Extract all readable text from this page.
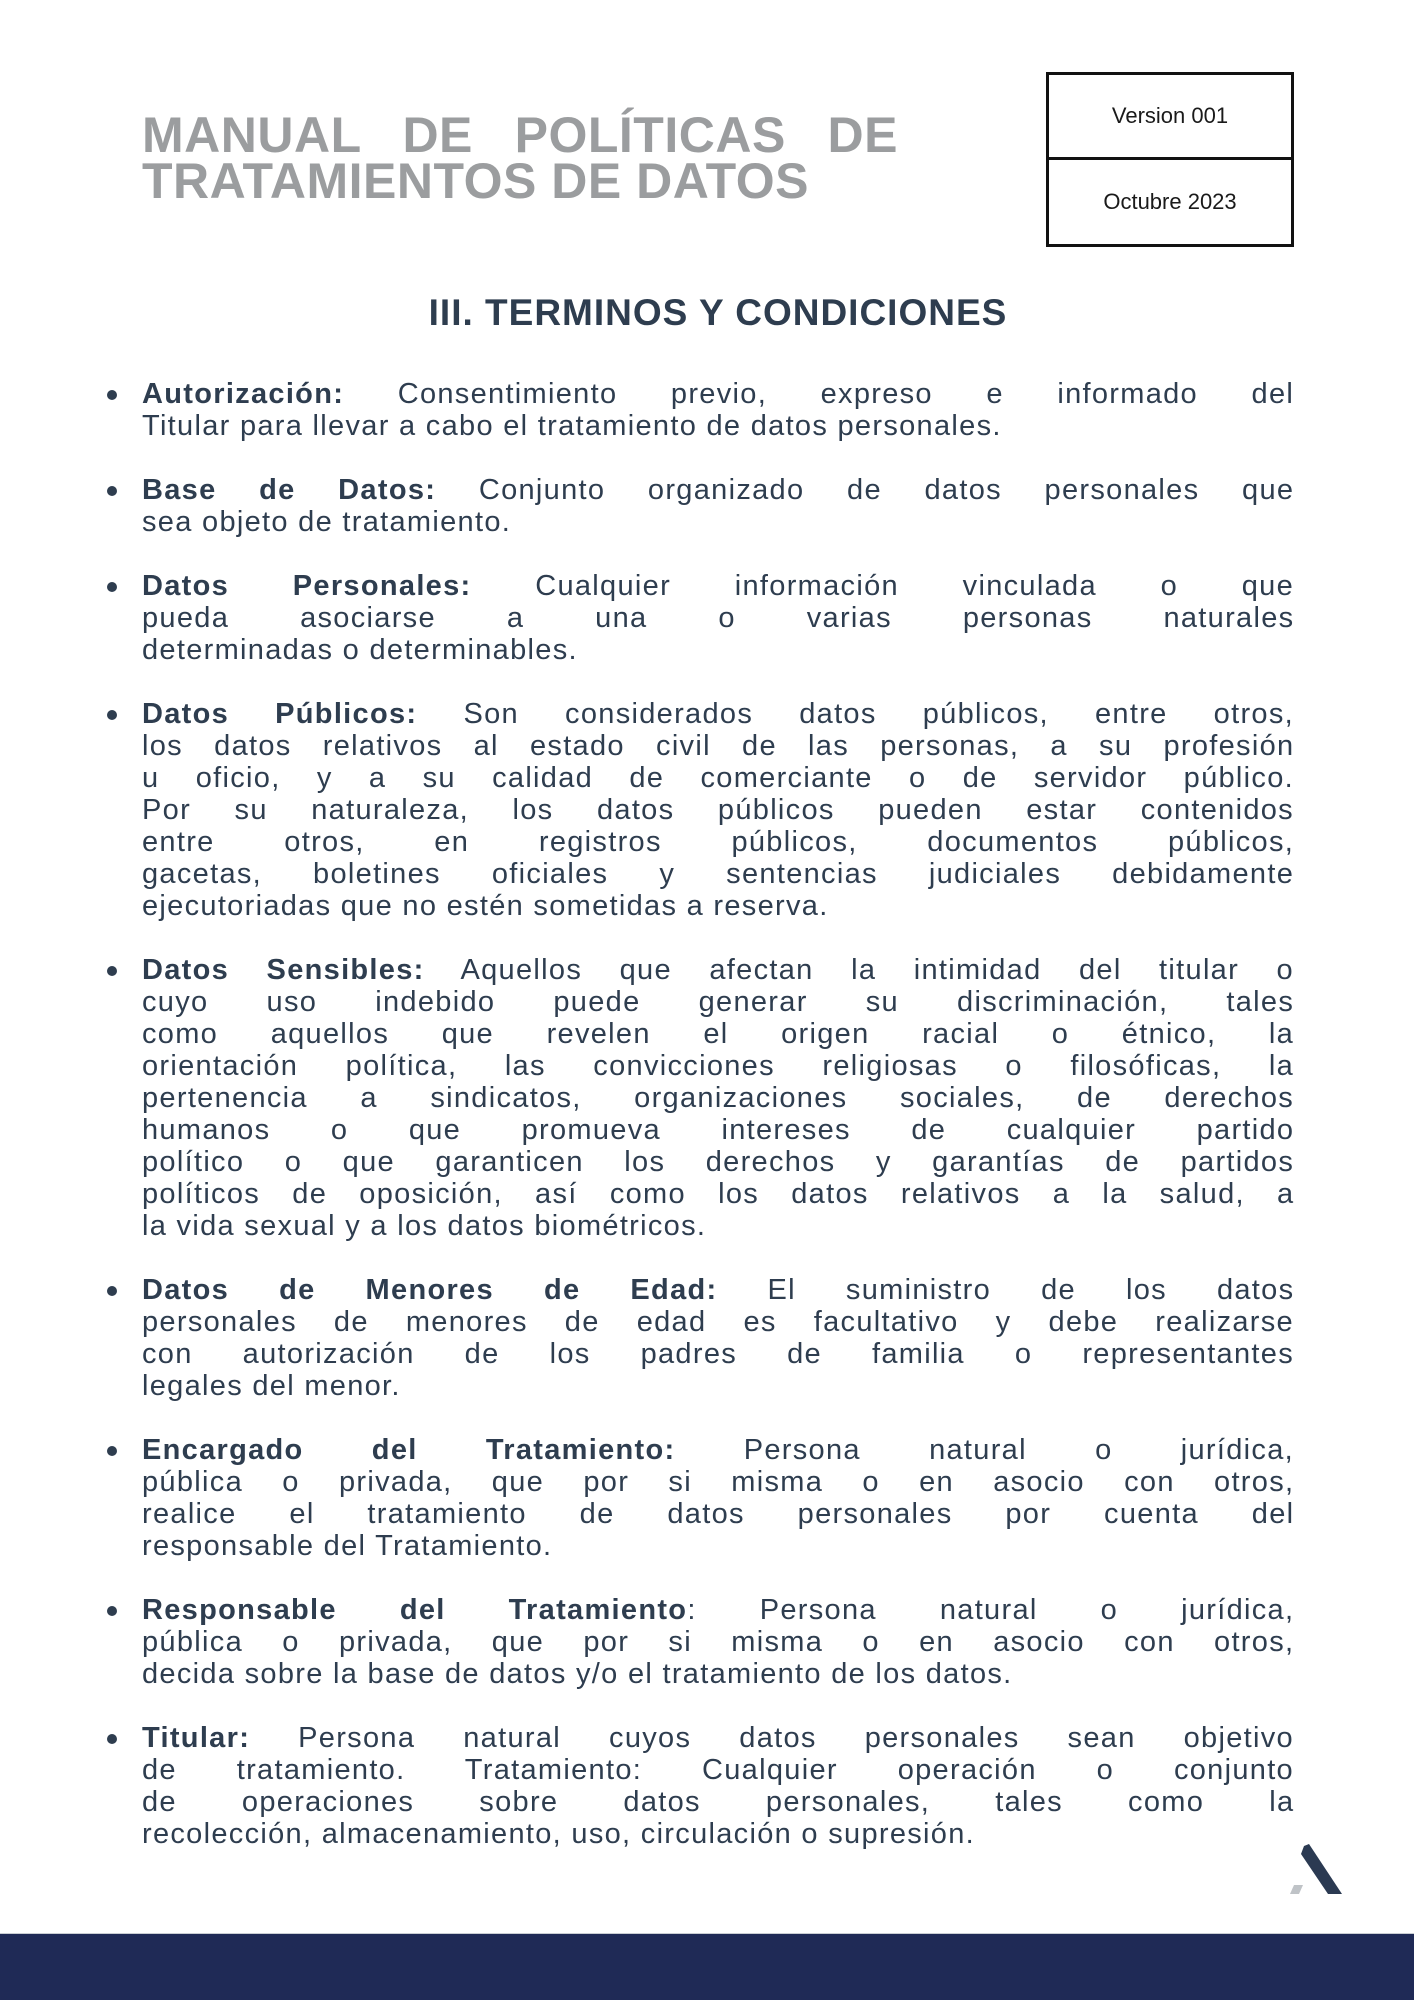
MANUAL DE POLÍTICAS DE
TRATAMIENTOS DE DATOS
Version 001
Octubre 2023
III. TERMINOS Y CONDICIONES
Autorización: Consentimiento previo, expreso e informado del
Titular para llevar a cabo el tratamiento de datos personales.
Base de Datos: Conjunto organizado de datos personales que
sea objeto de tratamiento.
Datos Personales: Cualquier información vinculada o que
pueda asociarse a una o varias personas naturales
determinadas o determinables.
Datos Públicos: Son considerados datos públicos, entre otros,
los datos relativos al estado civil de las personas, a su profesión
u oficio, y a su calidad de comerciante o de servidor público.
Por su naturaleza, los datos públicos pueden estar contenidos
entre otros, en registros públicos, documentos públicos,
gacetas, boletines oficiales y sentencias judiciales debidamente
ejecutoriadas que no estén sometidas a reserva.
Datos Sensibles: Aquellos que afectan la intimidad del titular o
cuyo uso indebido puede generar su discriminación, tales
como aquellos que revelen el origen racial o étnico, la
orientación política, las convicciones religiosas o filosóficas, la
pertenencia a sindicatos, organizaciones sociales, de derechos
humanos o que promueva intereses de cualquier partido
político o que garanticen los derechos y garantías de partidos
políticos de oposición, así como los datos relativos a la salud, a
la vida sexual y a los datos biométricos.
Datos de Menores de Edad: El suministro de los datos
personales de menores de edad es facultativo y debe realizarse
con autorización de los padres de familia o representantes
legales del menor.
Encargado del Tratamiento: Persona natural o jurídica,
pública o privada, que por si misma o en asocio con otros,
realice el tratamiento de datos personales por cuenta del
responsable del Tratamiento.
Responsable del Tratamiento: Persona natural o jurídica,
pública o privada, que por si misma o en asocio con otros,
decida sobre la base de datos y/o el tratamiento de los datos.
Titular: Persona natural cuyos datos personales sean objetivo
de tratamiento. Tratamiento: Cualquier operación o conjunto
de operaciones sobre datos personales, tales como la
recolección, almacenamiento, uso, circulación o supresión.
